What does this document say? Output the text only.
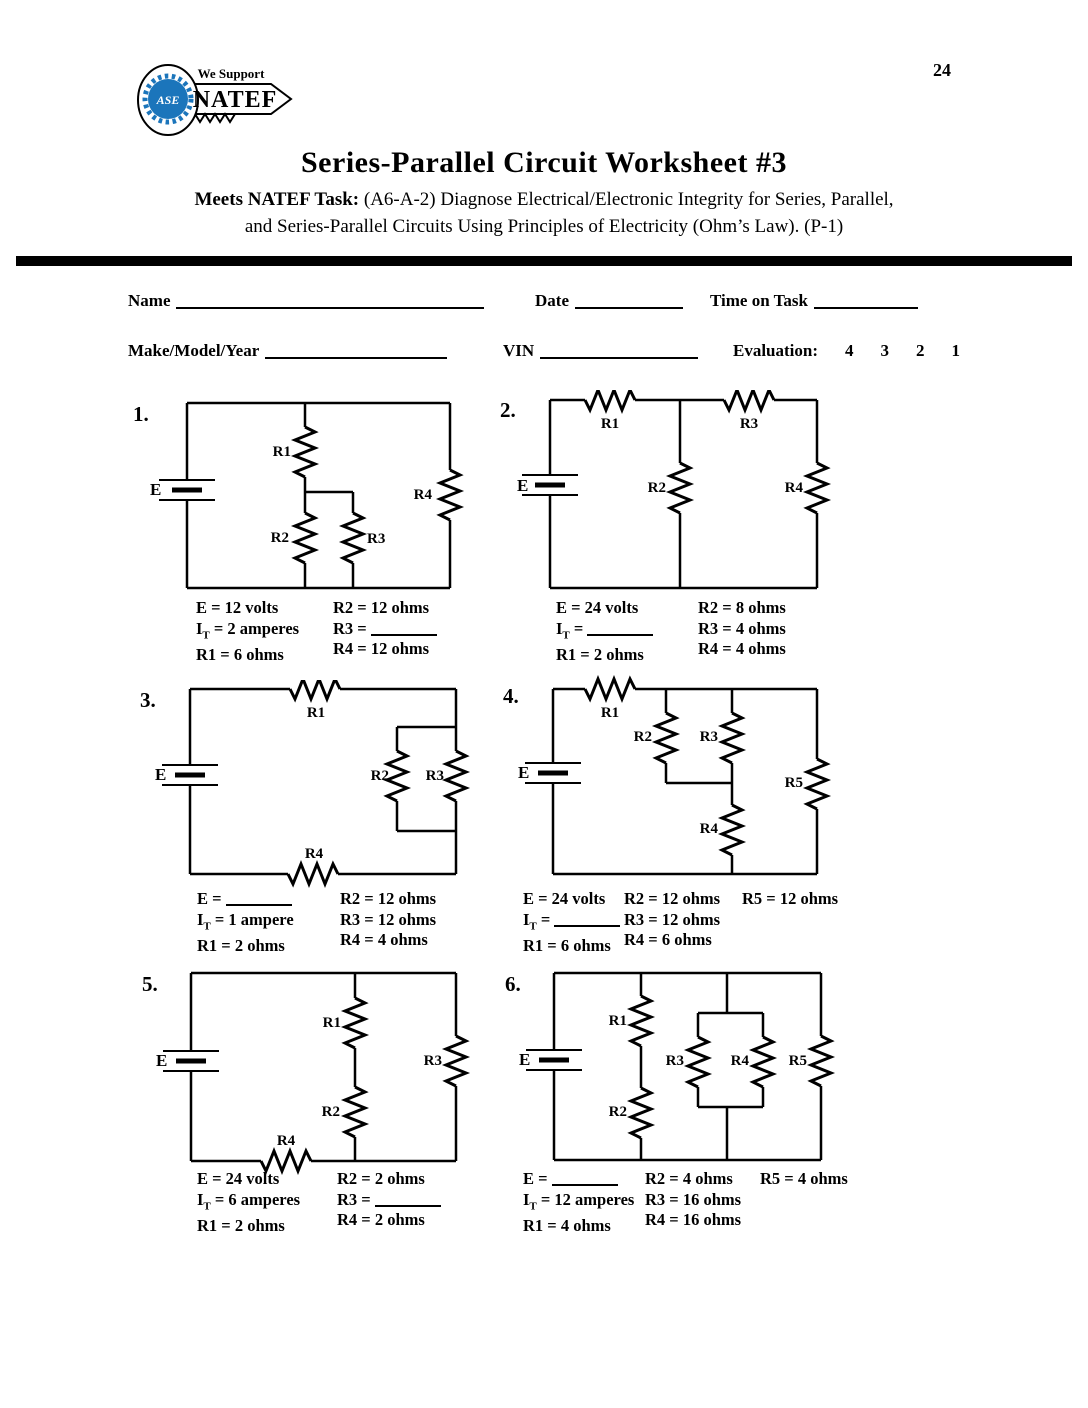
24
ASE
We Support
NATEF
Series-Parallel Circuit Worksheet #3
Meets NATEF Task: (A6-A-2) Diagnose Electrical/Electronic Integrity for Series, Parallel,
and Series-Parallel Circuits Using Principles of Electricity (Ohm’s Law). (P-1)
Name	Date	Time on Task
Make/Model/Year	VIN	Evaluation: 4 3 2 1
1.
E
R1
R2	R3
R4
E = 12 volts
$I_T = 2$ amperes
R1 = 6 ohms
R2 = 12 ohms
R3 =
R4 = 12 ohms
2.
E
R1	R3
R2	R4
E = 24 volts
$I_T$ =
R1 = 2 ohms
R2 = 8 ohms
R3 = 4 ohms
R4 = 4 ohms
3.
E
R1
R2 R3
R4
E =
$I_T = 1$ ampere
R1 = 2 ohms
R2 = 12 ohms
R3 = 12 ohms
R4 = 4 ohms
4.
E
R1
R2	R3
R4
R5
E = 24 volts
$I_T$ =
R1 = 6 ohms
R2 = 12 ohms
R3 = 12 ohms
R4 = 6 ohms
R5 = 12 ohms
5.
E
R1
R2
R3
R4
E = 24 volts
$I_T = 6$ amperes
R1 = 2 ohms
R2 = 2 ohms
R3 =
R4 = 2 ohms
6.
E
R1
R2
R3	R4	R5
E =
$I_T = 12$ amperes
R1 = 4 ohms
R2 = 4 ohms
R3 = 16 ohms
R4 = 16 ohms
R5 = 4 ohms
